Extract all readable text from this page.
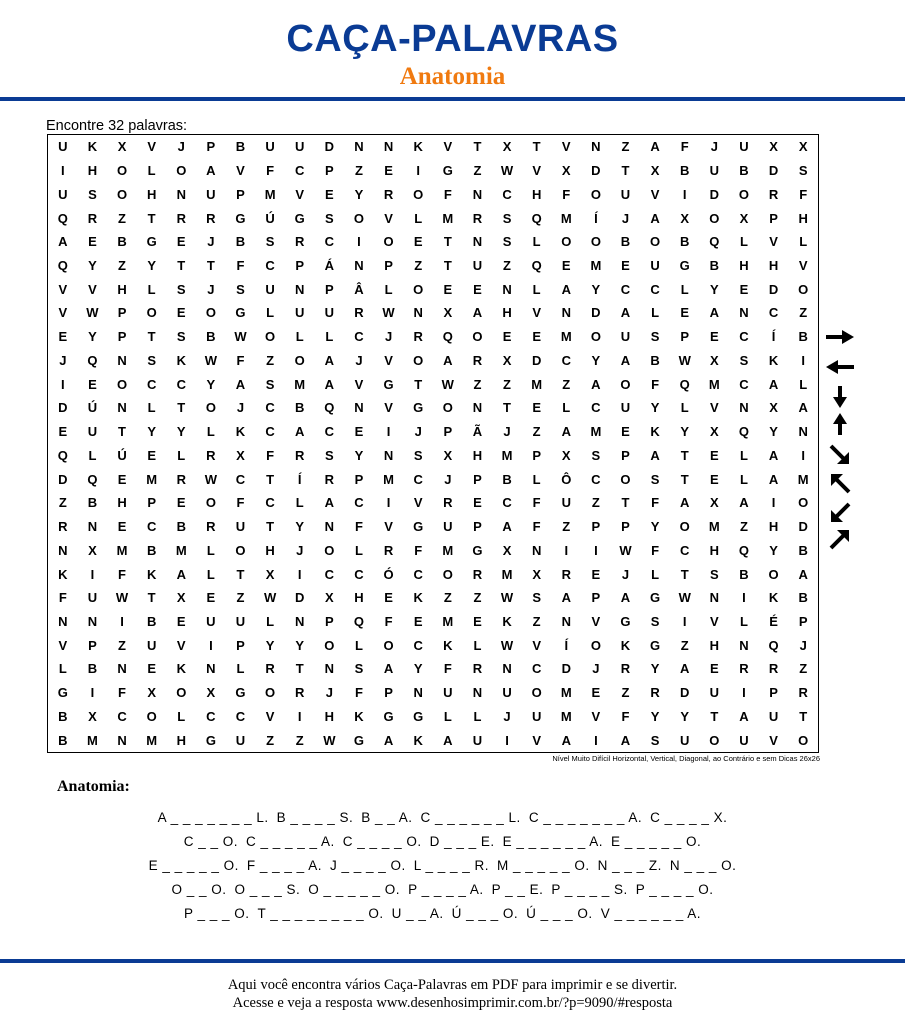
CAÇA-PALAVRAS
Anatomia
Encontre 32 palavras:
U	K	X	V	J	P	B	U	U	D	N	N	K	V	T	X	T	V	N	Z	A	F	J	U	X	X
I	H	O	L	O	A	V	F	C	P	Z	E	I	G	Z	W	V	X	D	T	X	B	U	B	D	S
U	S	O	H	N	U	P	M	V	E	Y	R	O	F	N	C	H	F	O	U	V	I	D	O	R	F
Q	R	Z	T	R	R	G	Ú	G	S	O	V	L	M	R	S	Q	M	Í	J	A	X	O	X	P	H
A	E	B	G	E	J	B	S	R	C	I	O	E	T	N	S	L	O	O	B	O	B	Q	L	V	L
Q	Y	Z	Y	T	T	F	C	P	Á	N	P	Z	T	U	Z	Q	E	M	E	U	G	B	H	H	V
V	V	H	L	S	J	S	U	N	P	Â	L	O	E	E	N	L	A	Y	C	C	L	Y	E	D	O
V	W	P	O	E	O	G	L	U	U	R	W	N	X	A	H	V	N	D	A	L	E	A	N	C	Z
E	Y	P	T	S	B	W	O	L	L	C	J	R	Q	O	E	E	M	O	U	S	P	E	C	Í	B
J	Q	N	S	K	W	F	Z	O	A	J	V	O	A	R	X	D	C	Y	A	B	W	X	S	K	I
I	E	O	C	C	Y	A	S	M	A	V	G	T	W	Z	Z	M	Z	A	O	F	Q	M	C	A	L
D	Ú	N	L	T	O	J	C	B	Q	N	V	G	O	N	T	E	L	C	U	Y	L	V	N	X	A
E	U	T	Y	Y	L	K	C	A	C	E	I	J	P	Ã	J	Z	A	M	E	K	Y	X	Q	Y	N
Q	L	Ú	E	L	R	X	F	R	S	Y	N	S	X	H	M	P	X	S	P	A	T	E	L	A	I
D	Q	E	M	R	W	C	T	Í	R	P	M	C	J	P	B	L	Ô	C	O	S	T	E	L	A	M
Z	B	H	P	E	O	F	C	L	A	C	I	V	R	E	C	F	U	Z	T	F	A	X	A	I	O
R	N	E	C	B	R	U	T	Y	N	F	V	G	U	P	A	F	Z	P	P	Y	O	M	Z	H	D
N	X	M	B	M	L	O	H	J	O	L	R	F	M	G	X	N	I	I	W	F	C	H	Q	Y	B
K	I	F	K	A	L	T	X	I	C	C	Ó	C	O	R	M	X	R	E	J	L	T	S	B	O	A
F	U	W	T	X	E	Z	W	D	X	H	E	K	Z	Z	W	S	A	P	A	G	W	N	I	K	B
N	N	I	B	E	U	U	L	N	P	Q	F	E	M	E	K	Z	N	V	G	S	I	V	L	É	P
V	P	Z	U	V	I	P	Y	Y	O	L	O	C	K	L	W	V	Í	O	K	G	Z	H	N	Q	J
L	B	N	E	K	N	L	R	T	N	S	A	Y	F	R	N	C	D	J	R	Y	A	E	R	R	Z
G	I	F	X	O	X	G	O	R	J	F	P	N	U	N	U	O	M	E	Z	R	D	U	I	P	R
B	X	C	O	L	C	C	V	I	H	K	G	G	L	L	J	U	M	V	F	Y	Y	T	A	U	T
B	M	N	M	H	G	U	Z	Z	W	G	A	K	A	U	I	V	A	I	A	S	U	O	U	V	O
Nível Muito Difícil Horizontal, Vertical, Diagonal, ao Contrário e sem Dicas 26x26
Anatomia:
A _ _ _ _ _ _ _ L. B _ _ _ _ S. B _ _ A. C _ _ _ _ _ _ L. C _ _ _ _ _ _ _ A. C _ _ _ _ X.
C _ _ O. C _ _ _ _ _ A. C _ _ _ _ O. D _ _ _ E. E _ _ _ _ _ _ A. E _ _ _ _ _ O.
E _ _ _ _ _ O. F _ _ _ _ A. J _ _ _ _ O. L _ _ _ _ R. M _ _ _ _ _ O. N _ _ _ Z. N _ _ _ O.
O _ _ O. O _ _ _ S. O _ _ _ _ _ O. P _ _ _ _ A. P _ _ E. P _ _ _ _ S. P _ _ _ _ O.
P _ _ _ O. T _ _ _ _ _ _ _ _ O. U _ _ A. Ú _ _ _ O. Ú _ _ _ O. V _ _ _ _ _ _ A.
Aqui você encontra vários Caça-Palavras em PDF para imprimir e se divertir.
Acesse e veja a resposta www.desenhosimprimir.com.br/?p=9090/#resposta
